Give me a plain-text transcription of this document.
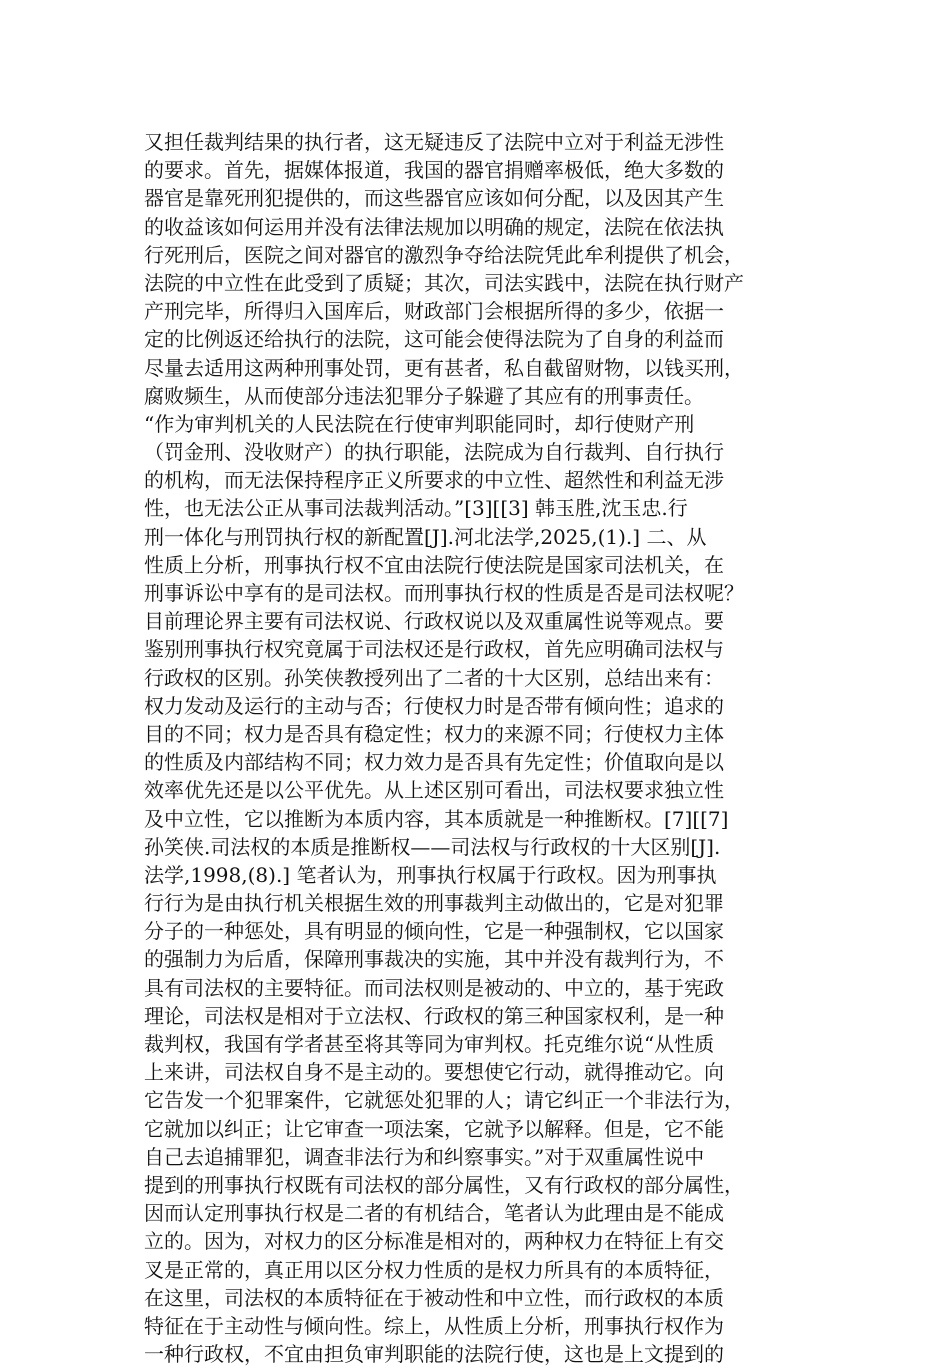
又担任裁判结果的执行者，这无疑违反了法院中立对于利益无涉性
的要求。首先，据媒体报道，我国的器官捐赠率极低，绝大多数的
器官是靠死刑犯提供的，而这些器官应该如何分配，以及因其产生
的收益该如何运用并没有法律法规加以明确的规定，法院在依法执
行死刑后，医院之间对器官的激烈争夺给法院凭此牟利提供了机会，
法院的中立性在此受到了质疑；其次，司法实践中，法院在执行财产
产刑完毕，所得归入国库后，财政部门会根据所得的多少，依据一
定的比例返还给执行的法院，这可能会使得法院为了自身的利益而
尽量去适用这两种刑事处罚，更有甚者，私自截留财物，以钱买刑，
腐败频生，从而使部分违法犯罪分子躲避了其应有的刑事责任。
“作为审判机关的人民法院在行使审判职能同时，却行使财产刑
（罚金刑、没收财产）的执行职能，法院成为自行裁判、自行执行
的机构，而无法保持程序正义所要求的中立性、超然性和利益无涉
性，也无法公正从事司法裁判活动。”[3][[3] 韩玉胜,沈玉忠.行
刑一体化与刑罚执行权的新配置[J].河北法学,2025,(1).] 二、从
性质上分析，刑事执行权不宜由法院行使法院是国家司法机关，在
刑事诉讼中享有的是司法权。而刑事执行权的性质是否是司法权呢？
目前理论界主要有司法权说、行政权说以及双重属性说等观点。要
鉴别刑事执行权究竟属于司法权还是行政权，首先应明确司法权与
行政权的区别。孙笑侠教授列出了二者的十大区别，总结出来有：
权力发动及运行的主动与否；行使权力时是否带有倾向性；追求的
目的不同；权力是否具有稳定性；权力的来源不同；行使权力主体
的性质及内部结构不同；权力效力是否具有先定性；价值取向是以
效率优先还是以公平优先。从上述区别可看出，司法权要求独立性
及中立性，它以推断为本质内容，其本质就是一种推断权。[7][[7]
孙笑侠.司法权的本质是推断权——司法权与行政权的十大区别[J].
法学,1998,(8).] 笔者认为，刑事执行权属于行政权。因为刑事执
行行为是由执行机关根据生效的刑事裁判主动做出的，它是对犯罪
分子的一种惩处，具有明显的倾向性，它是一种强制权，它以国家
的强制力为后盾，保障刑事裁决的实施，其中并没有裁判行为，不
具有司法权的主要特征。而司法权则是被动的、中立的，基于宪政
理论，司法权是相对于立法权、行政权的第三种国家权利，是一种
裁判权，我国有学者甚至将其等同为审判权。托克维尔说“从性质
上来讲，司法权自身不是主动的。要想使它行动，就得推动它。向
它告发一个犯罪案件，它就惩处犯罪的人；请它纠正一个非法行为，
它就加以纠正；让它审查一项法案，它就予以解释。但是，它不能
自己去追捕罪犯，调查非法行为和纠察事实。”对于双重属性说中
提到的刑事执行权既有司法权的部分属性，又有行政权的部分属性，
因而认定刑事执行权是二者的有机结合，笔者认为此理由是不能成
立的。因为，对权力的区分标准是相对的，两种权力在特征上有交
叉是正常的，真正用以区分权力性质的是权力所具有的本质特征，
在这里，司法权的本质特征在于被动性和中立性，而行政权的本质
特征在于主动性与倾向性。综上，从性质上分析，刑事执行权作为
一种行政权，不宜由担负审判职能的法院行使，这也是上文提到的
